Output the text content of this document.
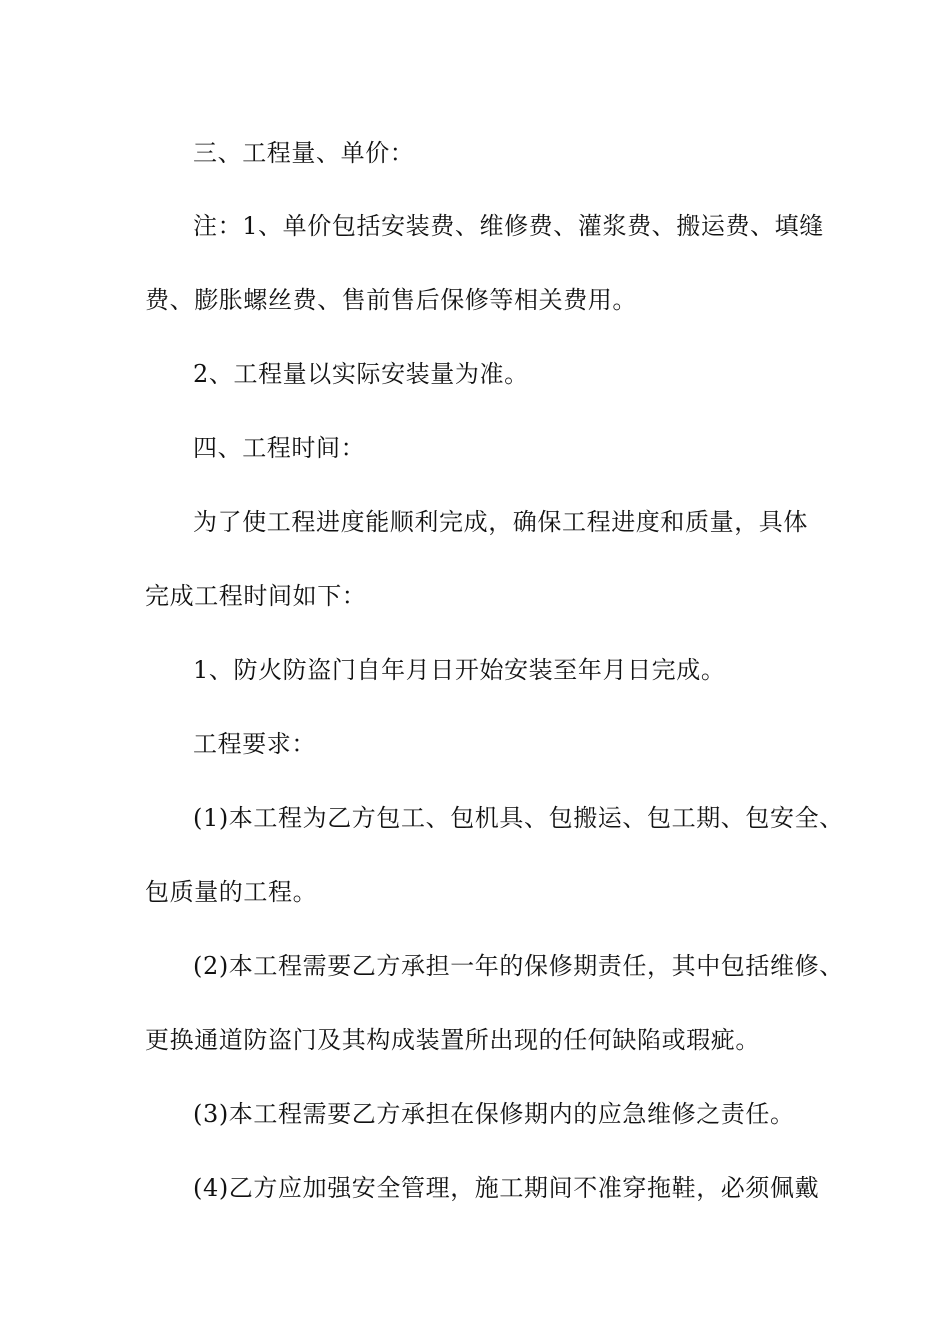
三、工程量、单价：
注：1、单价包括安装费、维修费、灌浆费、搬运费、填缝
费、膨胀螺丝费、售前售后保修等相关费用。
2、工程量以实际安装量为准。
四、工程时间：
为了使工程进度能顺利完成，确保工程进度和质量，具体
完成工程时间如下：
1、防火防盗门自年月日开始安装至年月日完成。
工程要求：
(1)本工程为乙方包工、包机具、包搬运、包工期、包安全、
包质量的工程。
(2)本工程需要乙方承担一年的保修期责任，其中包括维修、
更换通道防盗门及其构成装置所出现的任何缺陷或瑕疵。
(3)本工程需要乙方承担在保修期内的应急维修之责任。
(4)乙方应加强安全管理，施工期间不准穿拖鞋，必须佩戴
